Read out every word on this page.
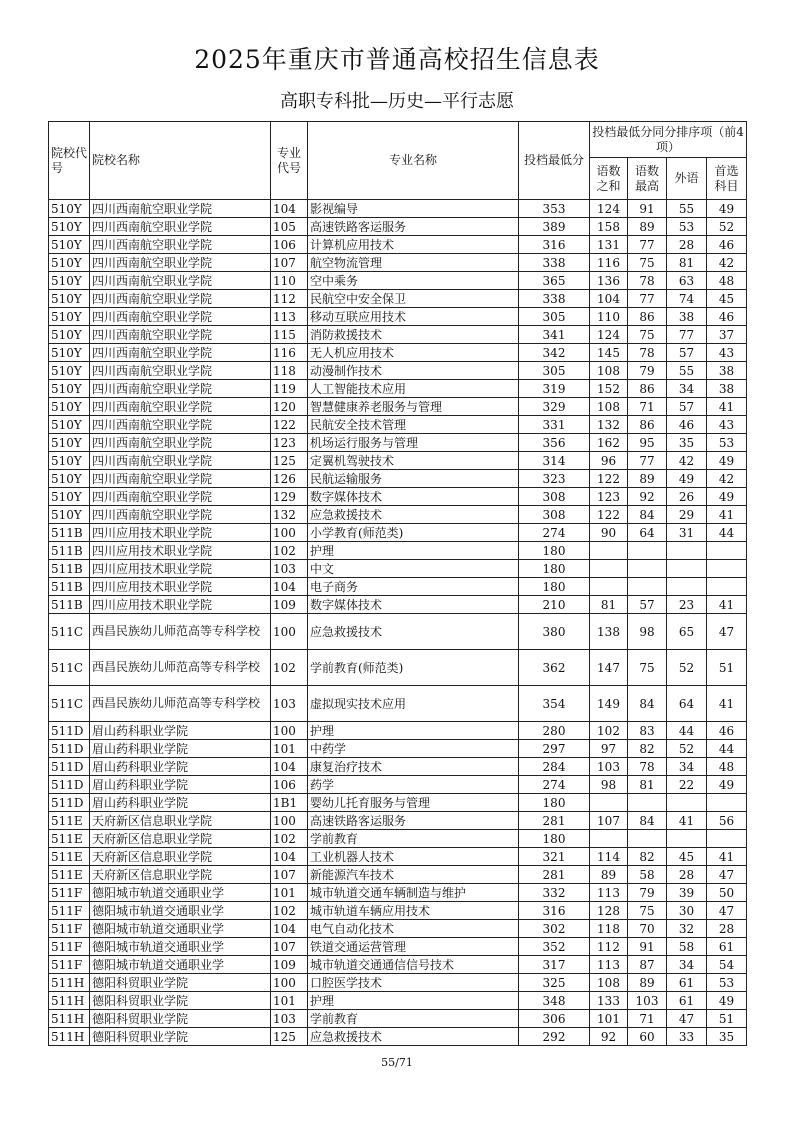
2025年重庆市普通高校招生信息表
高职专科批—历史—平行志愿
院校代号	院校名称	专业代号	专业名称	投档最低分	投档最低分同分排序项（前4项）			
					语数之和	语数最高	外语	首选科目
510Y	四川西南航空职业学院	104	影视编导	353	124	91	55	49
510Y	四川西南航空职业学院	105	高速铁路客运服务	389	158	89	53	52
510Y	四川西南航空职业学院	106	计算机应用技术	316	131	77	28	46
510Y	四川西南航空职业学院	107	航空物流管理	338	116	75	81	42
510Y	四川西南航空职业学院	110	空中乘务	365	136	78	63	48
510Y	四川西南航空职业学院	112	民航空中安全保卫	338	104	77	74	45
510Y	四川西南航空职业学院	113	移动互联应用技术	305	110	86	38	46
510Y	四川西南航空职业学院	115	消防救援技术	341	124	75	77	37
510Y	四川西南航空职业学院	116	无人机应用技术	342	145	78	57	43
510Y	四川西南航空职业学院	118	动漫制作技术	305	108	79	55	38
510Y	四川西南航空职业学院	119	人工智能技术应用	319	152	86	34	38
510Y	四川西南航空职业学院	120	智慧健康养老服务与管理	329	108	71	57	41
510Y	四川西南航空职业学院	122	民航安全技术管理	331	132	86	46	43
510Y	四川西南航空职业学院	123	机场运行服务与管理	356	162	95	35	53
510Y	四川西南航空职业学院	125	定翼机驾驶技术	314	96	77	42	49
510Y	四川西南航空职业学院	126	民航运输服务	323	122	89	49	42
510Y	四川西南航空职业学院	129	数字媒体技术	308	123	92	26	49
510Y	四川西南航空职业学院	132	应急救援技术	308	122	84	29	41
511B	四川应用技术职业学院	100	小学教育(师范类)	274	90	64	31	44
511B	四川应用技术职业学院	102	护理	180				
511B	四川应用技术职业学院	103	中文	180				
511B	四川应用技术职业学院	104	电子商务	180				
511B	四川应用技术职业学院	109	数字媒体技术	210	81	57	23	41
511C	西昌民族幼儿师范高等专科学校	100	应急救援技术	380	138	98	65	47
511C	西昌民族幼儿师范高等专科学校	102	学前教育(师范类)	362	147	75	52	51
511C	西昌民族幼儿师范高等专科学校	103	虚拟现实技术应用	354	149	84	64	41
511D	眉山药科职业学院	100	护理	280	102	83	44	46
511D	眉山药科职业学院	101	中药学	297	97	82	52	44
511D	眉山药科职业学院	104	康复治疗技术	284	103	78	34	48
511D	眉山药科职业学院	106	药学	274	98	81	22	49
511D	眉山药科职业学院	1B1	婴幼儿托育服务与管理	180				
511E	天府新区信息职业学院	100	高速铁路客运服务	281	107	84	41	56
511E	天府新区信息职业学院	102	学前教育	180				
511E	天府新区信息职业学院	104	工业机器人技术	321	114	82	45	41
511E	天府新区信息职业学院	107	新能源汽车技术	281	89	58	28	47
511F	德阳城市轨道交通职业学	101	城市轨道交通车辆制造与维护	332	113	79	39	50
511F	德阳城市轨道交通职业学	102	城市轨道车辆应用技术	316	128	75	30	47
511F	德阳城市轨道交通职业学	104	电气自动化技术	302	118	70	32	28
511F	德阳城市轨道交通职业学	107	铁道交通运营管理	352	112	91	58	61
511F	德阳城市轨道交通职业学	109	城市轨道交通通信信号技术	317	113	87	34	54
511H	德阳科贸职业学院	100	口腔医学技术	325	108	89	61	53
511H	德阳科贸职业学院	101	护理	348	133	103	61	49
511H	德阳科贸职业学院	103	学前教育	306	101	71	47	51
511H	德阳科贸职业学院	125	应急救援技术	292	92	60	33	35
55/71
